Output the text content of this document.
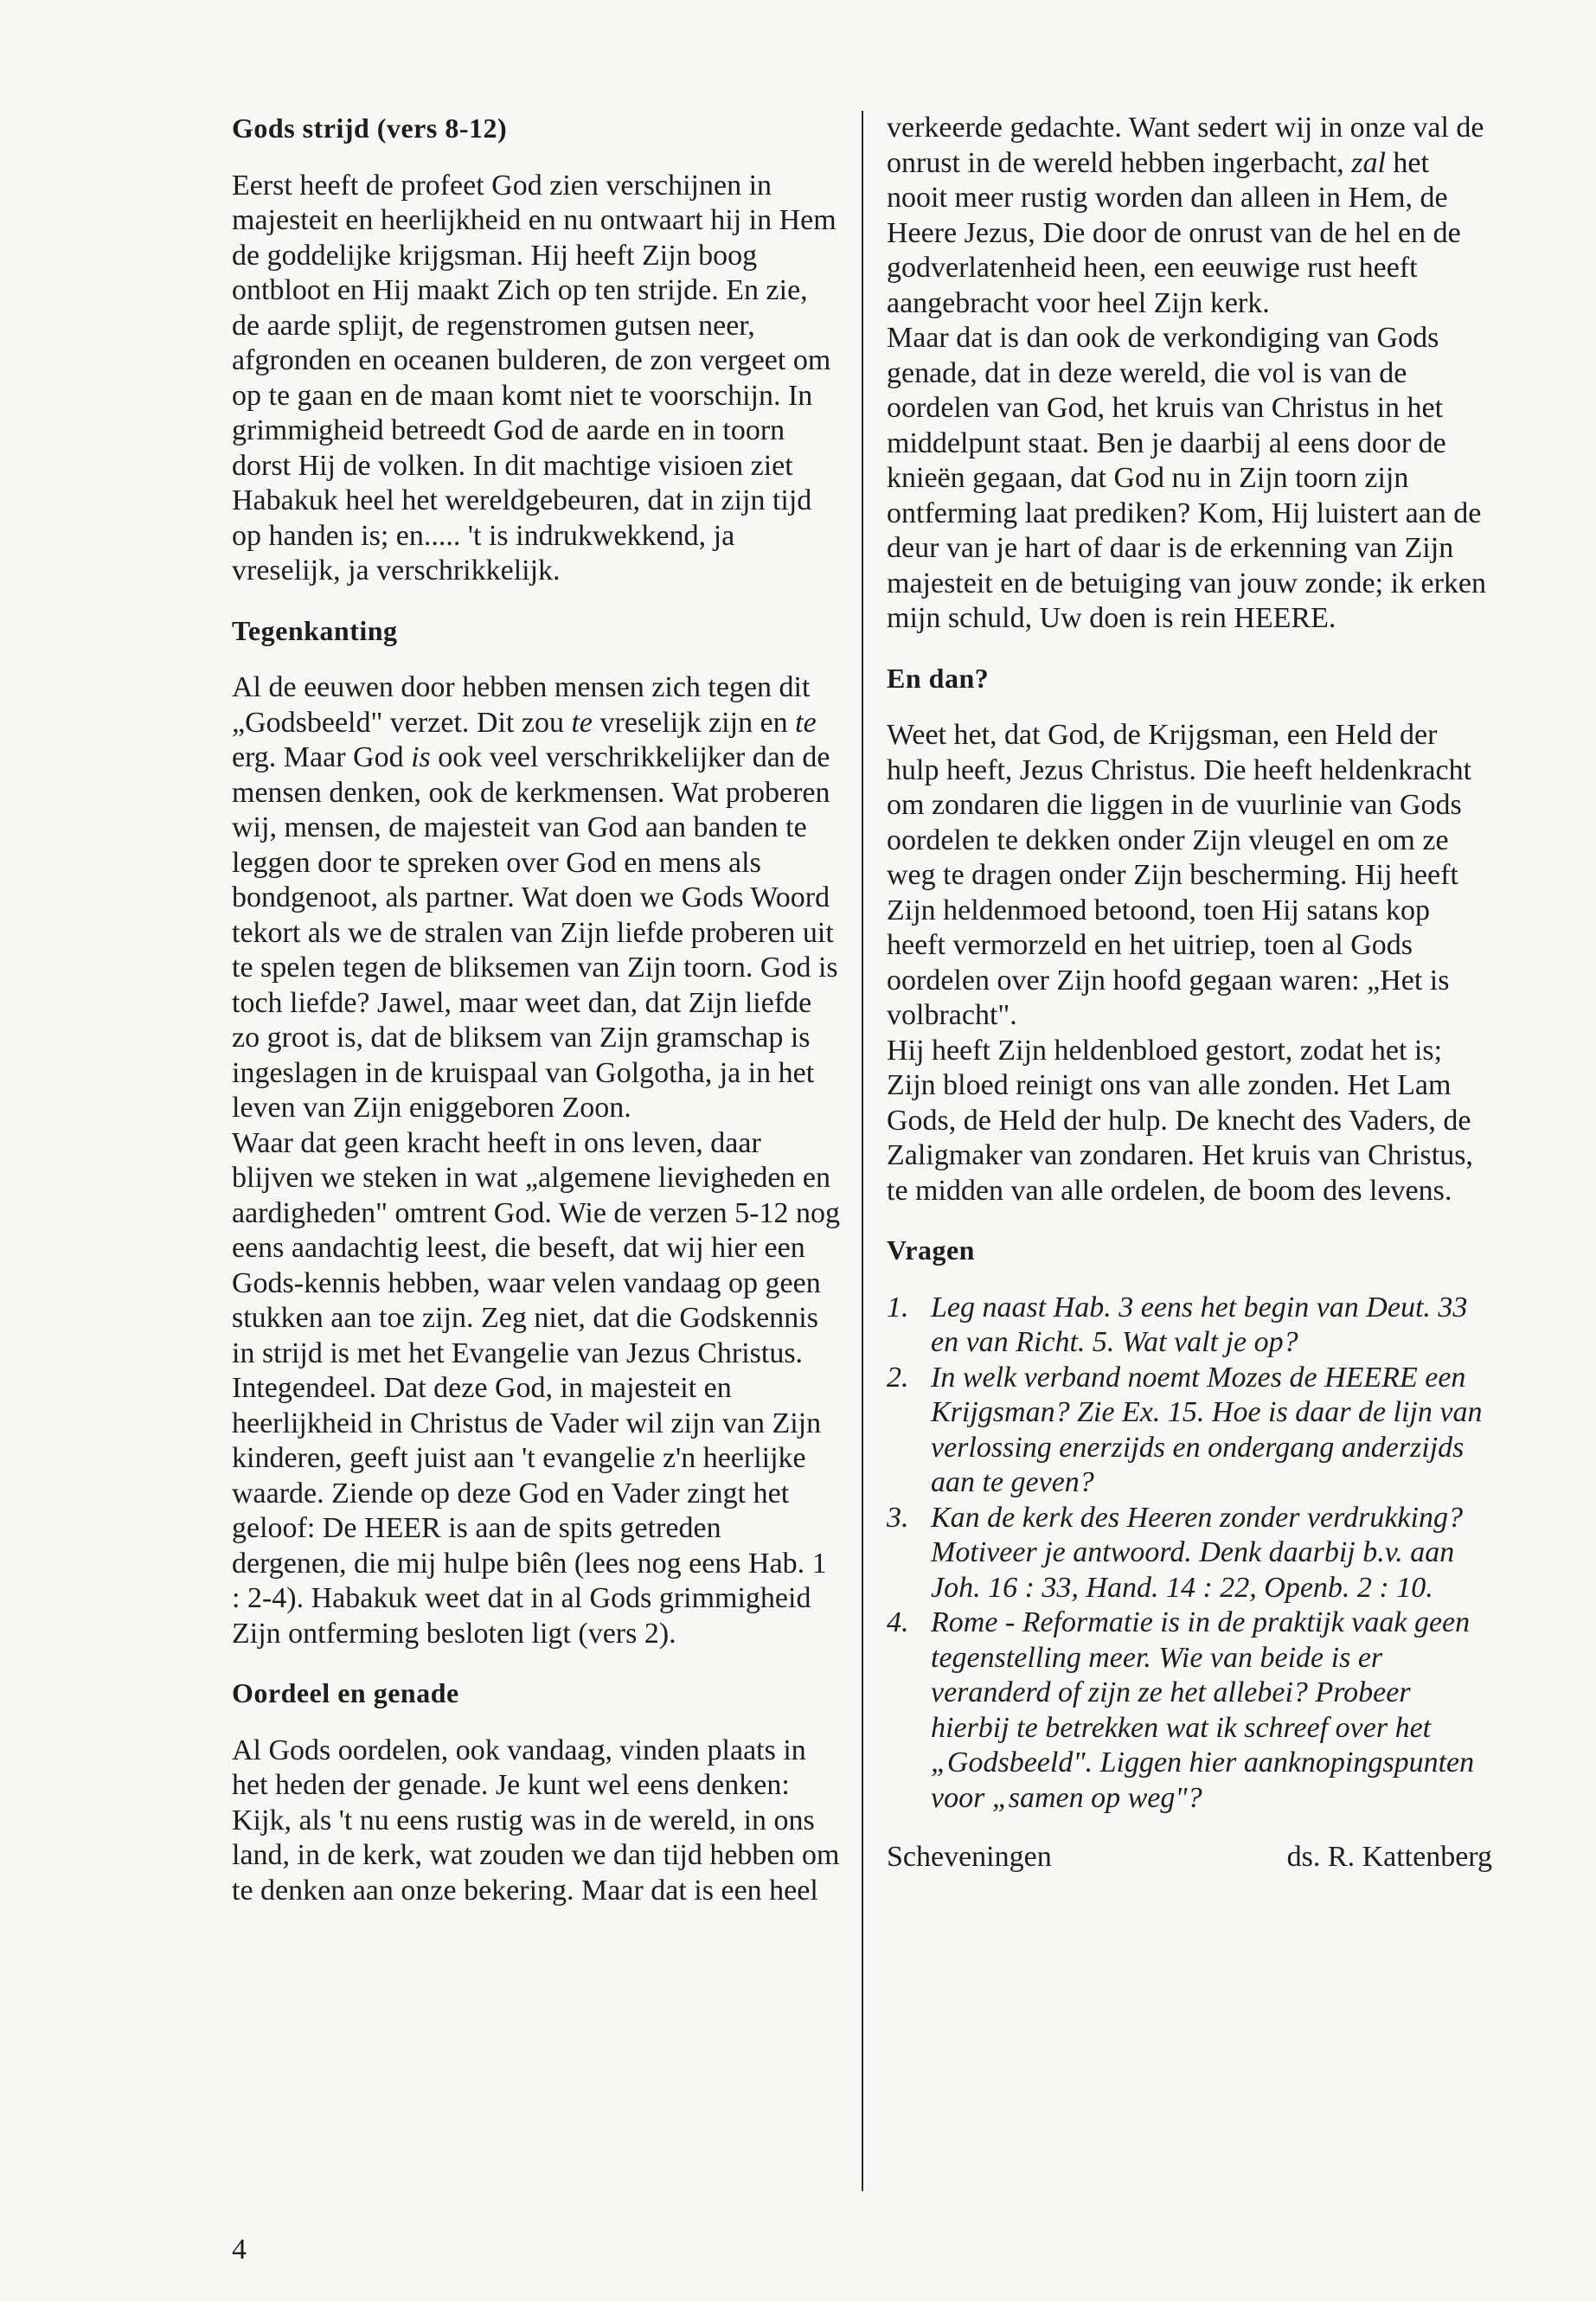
Gods strijd (vers 8-12)

Eerst heeft de profeet God zien verschijnen in majesteit en heerlijkheid en nu ontwaart hij in Hem de goddelijke krijgsman. Hij heeft Zijn boog ontbloot en Hij maakt Zich op ten strijde. En zie, de aarde splijt, de regenstromen gutsen neer, afgronden en oceanen bulderen, de zon vergeet om op te gaan en de maan komt niet te voorschijn. In grimmigheid betreedt God de aarde en in toorn dorst Hij de volken. In dit machtige visioen ziet Habakuk heel het wereldgebeuren, dat in zijn tijd op handen is; en..... 't is indrukwekkend, ja vreselijk, ja verschrikkelijk.

Tegenkanting

Al de eeuwen door hebben mensen zich tegen dit „Godsbeeld" verzet. Dit zou te vreselijk zijn en te erg. Maar God is ook veel verschrikkelijker dan de mensen denken, ook de kerkmensen. Wat proberen wij, mensen, de majesteit van God aan banden te leggen door te spreken over God en mens als bondgenoot, als partner. Wat doen we Gods Woord tekort als we de stralen van Zijn liefde proberen uit te spelen tegen de bliksemen van Zijn toorn. God is toch liefde? Jawel, maar weet dan, dat Zijn liefde zo groot is, dat de bliksem van Zijn gramschap is ingeslagen in de kruispaal van Golgotha, ja in het leven van Zijn eniggeboren Zoon.

Waar dat geen kracht heeft in ons leven, daar blijven we steken in wat „algemene lievigheden en aardigheden" omtrent God. Wie de verzen 5-12 nog eens aandachtig leest, die beseft, dat wij hier een Gods-kennis hebben, waar velen vandaag op geen stukken aan toe zijn. Zeg niet, dat die Godskennis in strijd is met het Evangelie van Jezus Christus. Integendeel. Dat deze God, in majesteit en heerlijkheid in Christus de Vader wil zijn van Zijn kinderen, geeft juist aan 't evangelie z'n heerlijke waarde. Ziende op deze God en Vader zingt het geloof: De HEER is aan de spits getreden dergenen, die mij hulpe biên (lees nog eens Hab. 1 : 2-4). Habakuk weet dat in al Gods grimmigheid Zijn ontferming besloten ligt (vers 2).

Oordeel en genade

Al Gods oordelen, ook vandaag, vinden plaats in het heden der genade. Je kunt wel eens denken: Kijk, als 't nu eens rustig was in de wereld, in ons land, in de kerk, wat zouden we dan tijd hebben om te denken aan onze bekering. Maar dat is een heel

verkeerde gedachte. Want sedert wij in onze val de onrust in de wereld hebben ingerbacht, zal het nooit meer rustig worden dan alleen in Hem, de Heere Jezus, Die door de onrust van de hel en de godverlatenheid heen, een eeuwige rust heeft aangebracht voor heel Zijn kerk.

Maar dat is dan ook de verkondiging van Gods genade, dat in deze wereld, die vol is van de oordelen van God, het kruis van Christus in het middelpunt staat. Ben je daarbij al eens door de knieën gegaan, dat God nu in Zijn toorn zijn ontferming laat prediken? Kom, Hij luistert aan de deur van je hart of daar is de erkenning van Zijn majesteit en de betuiging van jouw zonde; ik erken mijn schuld, Uw doen is rein HEERE.

En dan?

Weet het, dat God, de Krijgsman, een Held der hulp heeft, Jezus Christus. Die heeft heldenkracht om zondaren die liggen in de vuurlinie van Gods oordelen te dekken onder Zijn vleugel en om ze weg te dragen onder Zijn bescherming. Hij heeft Zijn heldenmoed betoond, toen Hij satans kop heeft vermorzeld en het uitriep, toen al Gods oordelen over Zijn hoofd gegaan waren: „Het is volbracht".

Hij heeft Zijn heldenbloed gestort, zodat het is; Zijn bloed reinigt ons van alle zonden. Het Lam Gods, de Held der hulp. De knecht des Vaders, de Zaligmaker van zondaren. Het kruis van Christus, te midden van alle ordelen, de boom des levens.

Vragen
1. Leg naast Hab. 3 eens het begin van Deut. 33 en van Richt. 5. Wat valt je op?
2. In welk verband noemt Mozes de HEERE een Krijgsman? Zie Ex. 15. Hoe is daar de lijn van verlossing enerzijds en ondergang anderzijds aan te geven?
3. Kan de kerk des Heeren zonder verdrukking? Motiveer je antwoord. Denk daarbij b.v. aan Joh. 16 : 33, Hand. 14 : 22, Openb. 2 : 10.
4. Rome - Reformatie is in de praktijk vaak geen tegenstelling meer. Wie van beide is er veranderd of zijn ze het allebei? Probeer hierbij te betrekken wat ik schreef over het „Godsbeeld". Liggen hier aanknopingspunten voor „samen op weg"?
Scheveningen	ds. R. Kattenberg
4
